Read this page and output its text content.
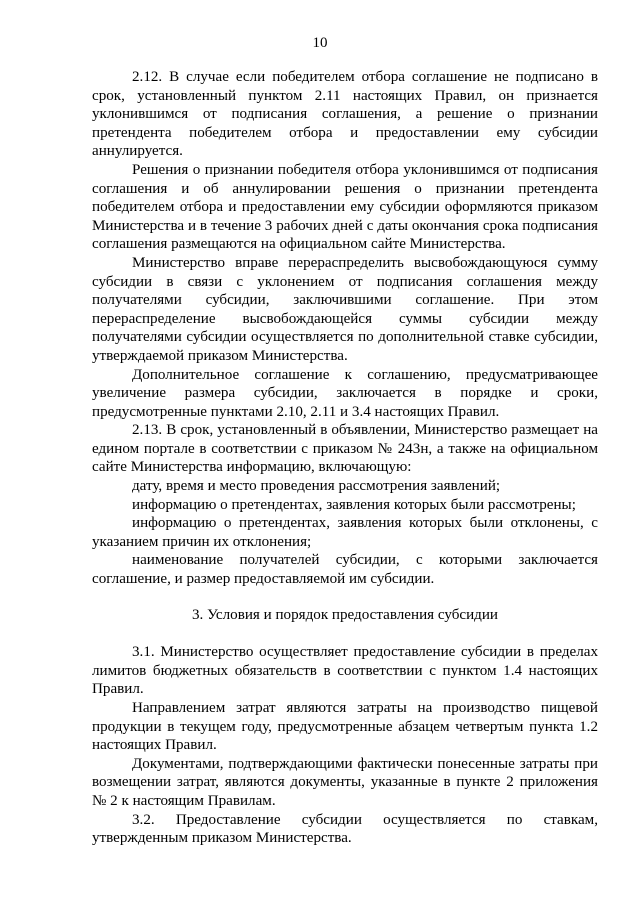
10

2.12. В случае если победителем отбора соглашение не подписано в срок, установленный пунктом 2.11 настоящих Правил, он признается уклонившимся от подписания соглашения, а решение о признании претендента победителем отбора и предоставлении ему субсидии аннулируется.

Решения о признании победителя отбора уклонившимся от подписания соглашения и об аннулировании решения о признании претендента победителем отбора и предоставлении ему субсидии оформляются приказом Министерства и в течение 3 рабочих дней с даты окончания срока подписания соглашения размещаются на официальном сайте Министерства.

Министерство вправе перераспределить высвобождающуюся сумму субсидии в связи с уклонением от подписания соглашения между получателями субсидии, заключившими соглашение. При этом перераспределение высвобождающейся суммы субсидии между получателями субсидии осуществляется по дополнительной ставке субсидии, утверждаемой приказом Министерства.

Дополнительное соглашение к соглашению, предусматривающее увеличение размера субсидии, заключается в порядке и сроки, предусмотренные пунктами 2.10, 2.11 и 3.4 настоящих Правил.

2.13. В срок, установленный в объявлении, Министерство размещает на едином портале в соответствии с приказом № 243н, а также на официальном сайте Министерства информацию, включающую:

дату, время и место проведения рассмотрения заявлений;

информацию о претендентах, заявления которых были рассмотрены;

информацию о претендентах, заявления которых были отклонены, с указанием причин их отклонения;

наименование получателей субсидии, с которыми заключается соглашение, и размер предоставляемой им субсидии.

3. Условия и порядок предоставления субсидии

3.1. Министерство осуществляет предоставление субсидии в пределах лимитов бюджетных обязательств в соответствии с пунктом 1.4 настоящих Правил.

Направлением затрат являются затраты на производство пищевой продукции в текущем году, предусмотренные абзацем четвертым пункта 1.2 настоящих Правил.

Документами, подтверждающими фактически понесенные затраты при возмещении затрат, являются документы, указанные в пункте 2 приложения № 2 к настоящим Правилам.

3.2. Предоставление субсидии осуществляется по ставкам, утвержденным приказом Министерства.
